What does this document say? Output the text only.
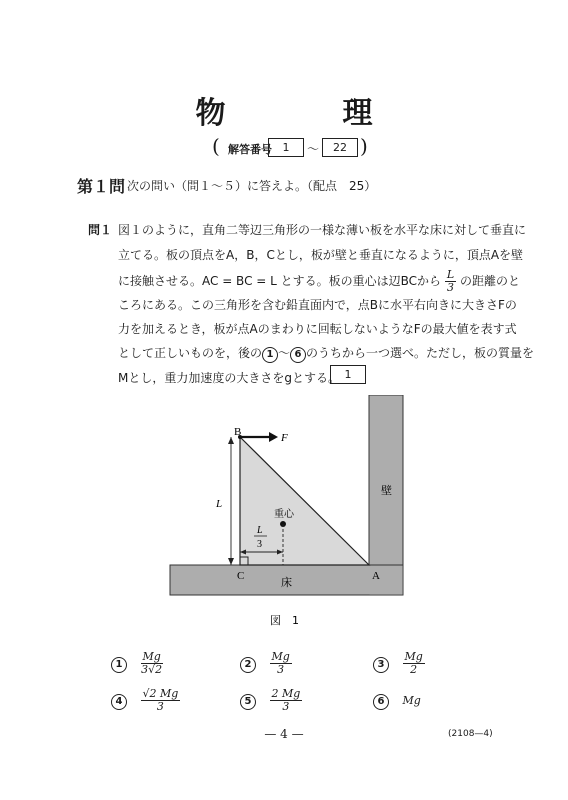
物	理
( 解答番号 1	〜	22 )
第１問 次の問い（問１〜５）に答えよ。（配点　25）
問１ 図１のように，直角二等辺三角形の一様な薄い板を水平な床に対して垂直に
立てる。板の頂点をA，B，Cとし，板が壁と垂直になるように，頂点Aを壁
に接触させる。AC = BC = L とする。板の重心は辺BCから $\frac{L}{3}$ の距離のと
ころにある。この三角形を含む鉛直面内で，点Bに水平右向きに大きさFの
力を加えるとき，板が点Aのまわりに回転しないようなFの最大値を表す式
として正しいものを，後の 1 〜 6 のうちから一つ選べ。ただし，板の質量を
Mとし，重力加速度の大きさをgとする。 1
B	F
L
重心
L
3
C	床	A
壁
図　1
$1 \frac{Mg}{3√2}$	$2 \frac{Mg}{3}$	$3 \frac{Mg}{2}$
$4 \frac{√2 Mg}{3}$	$5 \frac{2 Mg}{3}$	6 Mg
— 4 —	(2108—4)
